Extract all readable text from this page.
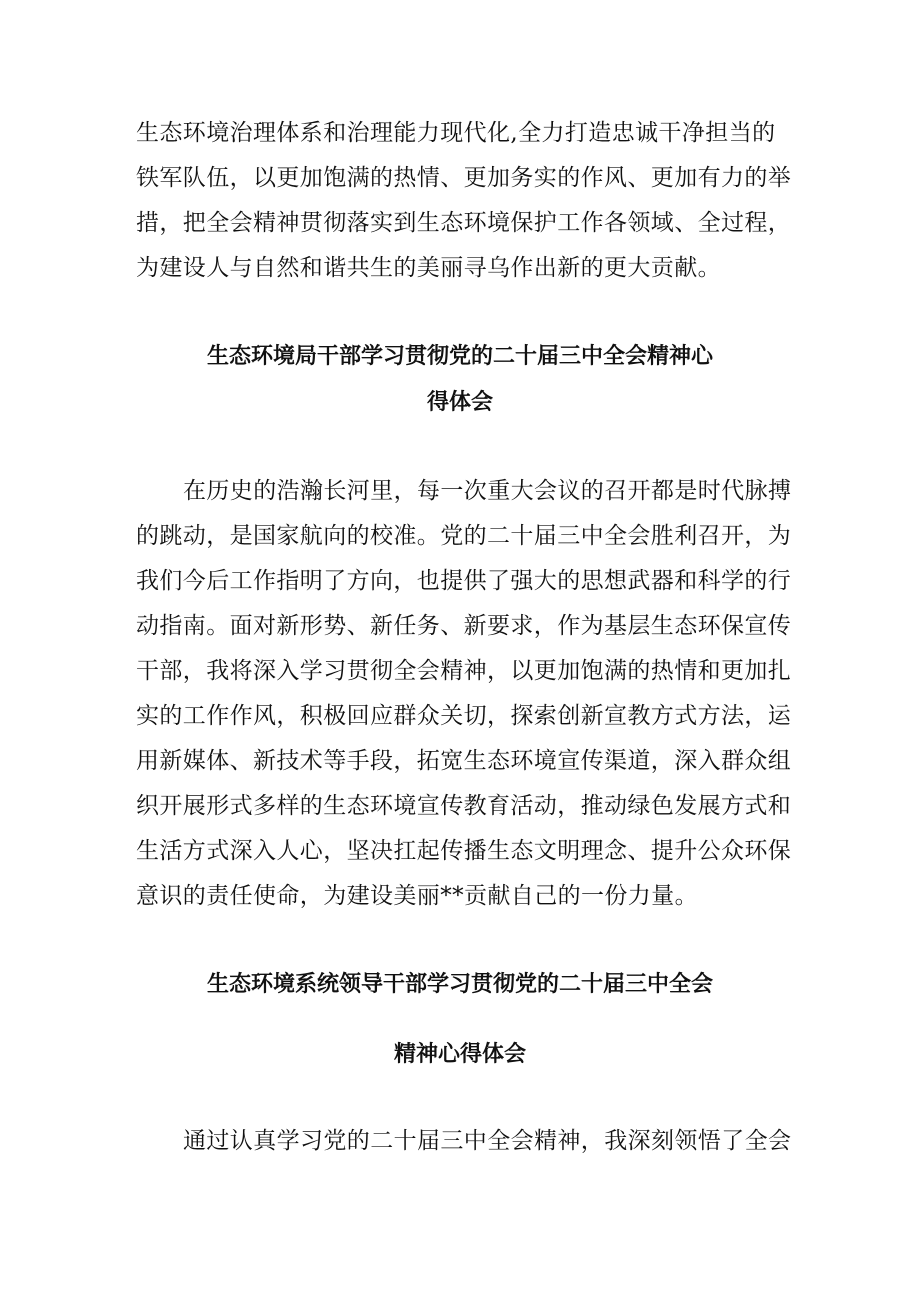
生态环境治理体系和治理能力现代化,全力打造忠诚干净担当的
铁军队伍，以更加饱满的热情、更加务实的作风、更加有力的举
措，把全会精神贯彻落实到生态环境保护工作各领域、全过程，
为建设人与自然和谐共生的美丽寻乌作出新的更大贡献。
生态环境局干部学习贯彻党的二十届三中全会精神心
得体会
在历史的浩瀚长河里，每一次重大会议的召开都是时代脉搏
的跳动，是国家航向的校准。党的二十届三中全会胜利召开，为
我们今后工作指明了方向，也提供了强大的思想武器和科学的行
动指南。面对新形势、新任务、新要求，作为基层生态环保宣传
干部，我将深入学习贯彻全会精神，以更加饱满的热情和更加扎
实的工作作风，积极回应群众关切，探索创新宣教方式方法，运
用新媒体、新技术等手段，拓宽生态环境宣传渠道，深入群众组
织开展形式多样的生态环境宣传教育活动，推动绿色发展方式和
生活方式深入人心，坚决扛起传播生态文明理念、提升公众环保
意识的责任使命，为建设美丽**贡献自己的一份力量。
生态环境系统领导干部学习贯彻党的二十届三中全会
精神心得体会
通过认真学习党的二十届三中全会精神，我深刻领悟了全会
